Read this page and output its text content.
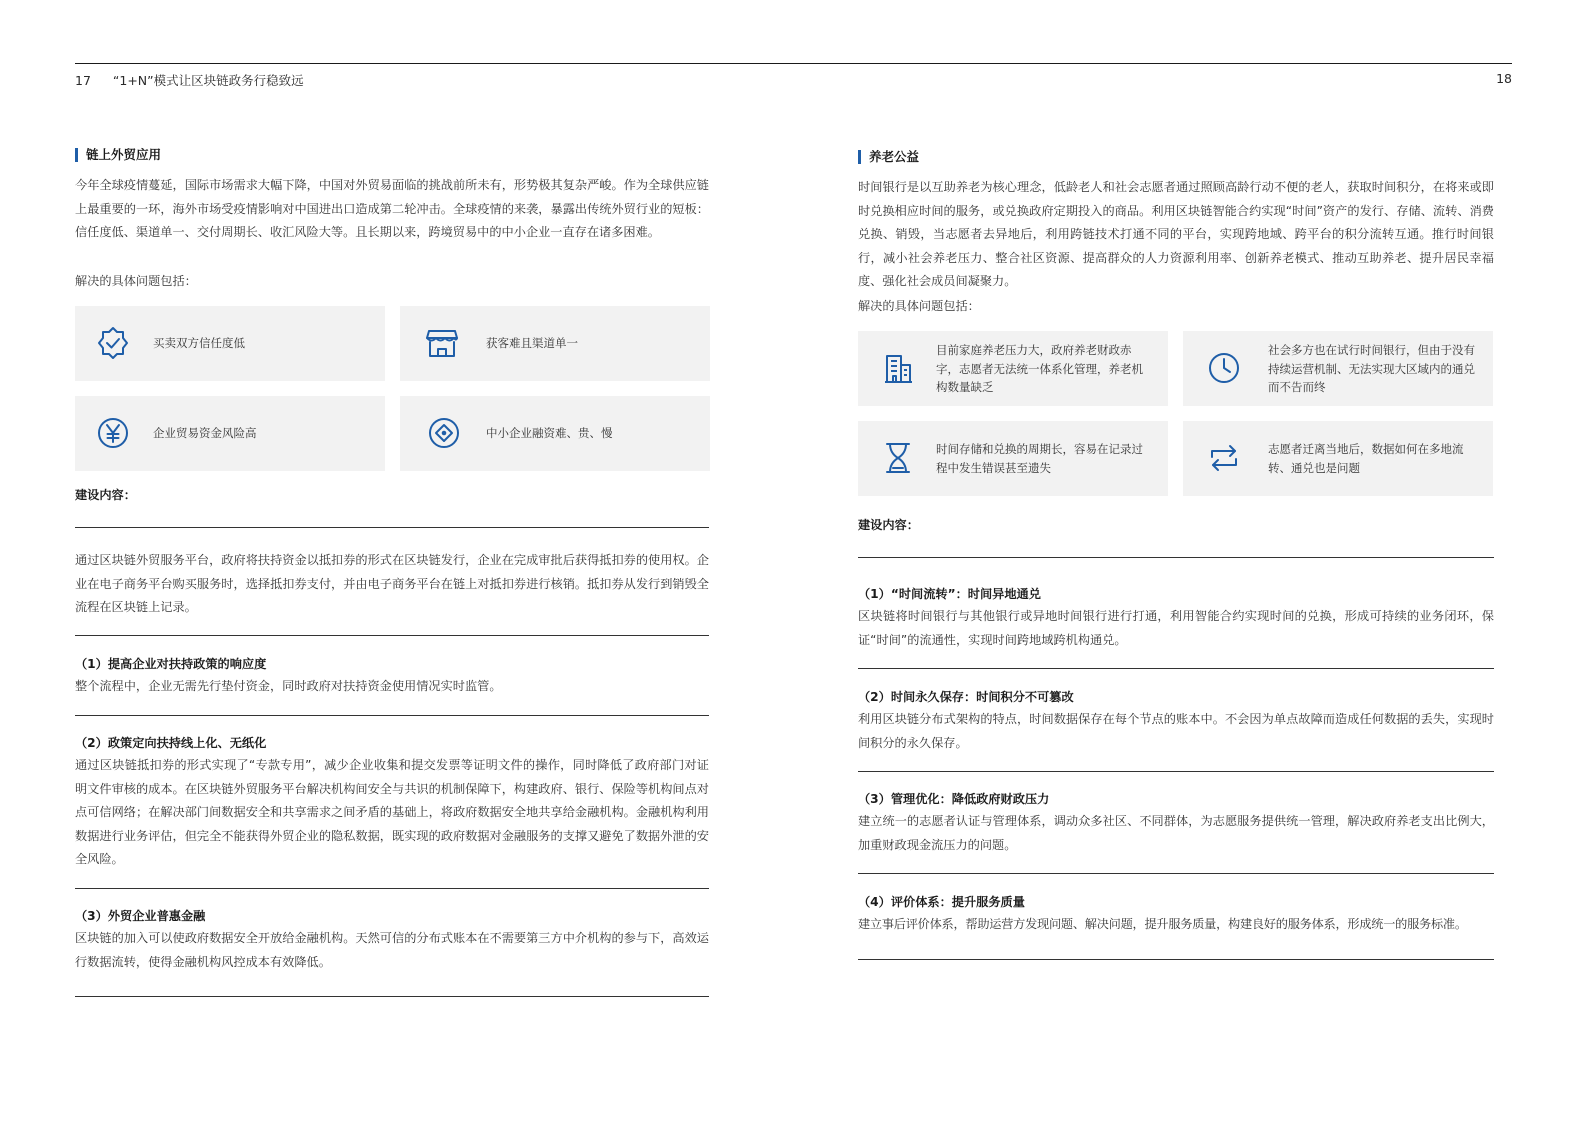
17 “1+N”模式让区块链政务行稳致远	18
链上外贸应用

今年全球疫情蔓延，国际市场需求大幅下降，中国对外贸易面临的挑战前所未有，形势极其复杂严峻。作为全球供应链上最重要的一环，海外市场受疫情影响对中国进出口造成第二轮冲击。全球疫情的来袭，暴露出传统外贸行业的短板：信任度低、渠道单一、交付周期长、收汇风险大等。且长期以来，跨境贸易中的中小企业一直存在诸多困难。

解决的具体问题包括：
买卖双方信任度低	获客难且渠道单一
企业贸易资金风险高	中小企业融资难、贵、慢
建设内容：

通过区块链外贸服务平台，政府将扶持资金以抵扣券的形式在区块链发行，企业在完成审批后获得抵扣券的使用权。企业在电子商务平台购买服务时，选择抵扣券支付，并由电子商务平台在链上对抵扣券进行核销。抵扣券从发行到销毁全流程在区块链上记录。

（1）提高企业对扶持政策的响应度

整个流程中，企业无需先行垫付资金，同时政府对扶持资金使用情况实时监管。

（2）政策定向扶持线上化、无纸化

通过区块链抵扣券的形式实现了“专款专用”，减少企业收集和提交发票等证明文件的操作，同时降低了政府部门对证明文件审核的成本。在区块链外贸服务平台解决机构间安全与共识的机制保障下，构建政府、银行、保险等机构间点对点可信网络；在解决部门间数据安全和共享需求之间矛盾的基础上，将政府数据安全地共享给金融机构。金融机构利用数据进行业务评估，但完全不能获得外贸企业的隐私数据，既实现的政府数据对金融服务的支撑又避免了数据外泄的安全风险。

（3）外贸企业普惠金融

区块链的加入可以使政府数据安全开放给金融机构。天然可信的分布式账本在不需要第三方中介机构的参与下，高效运行数据流转，使得金融机构风控成本有效降低。

养老公益

时间银行是以互助养老为核心理念，低龄老人和社会志愿者通过照顾高龄行动不便的老人，获取时间积分，在将来或即时兑换相应时间的服务，或兑换政府定期投入的商品。利用区块链智能合约实现“时间”资产的发行、存储、流转、消费兑换、销毁，当志愿者去异地后，利用跨链技术打通不同的平台，实现跨地域、跨平台的积分流转互通。推行时间银行，减小社会养老压力、整合社区资源、提高群众的人力资源利用率、创新养老模式、推动互助养老、提升居民幸福度、强化社会成员间凝聚力。

解决的具体问题包括：
目前家庭养老压力大，政府养老财政赤字，志愿者无法统一体系化管理，养老机构数量缺乏
社会多方也在试行时间银行，但由于没有持续运营机制、无法实现大区域内的通兑而不告而终
时间存储和兑换的周期长，容易在记录过程中发生错误甚至遗失
志愿者迁离当地后，数据如何在多地流转、通兑也是问题
建设内容：
（1）“时间流转”：时间异地通兑

区块链将时间银行与其他银行或异地时间银行进行打通，利用智能合约实现时间的兑换，形成可持续的业务闭环，保证“时间”的流通性，实现时间跨地域跨机构通兑。

（2）时间永久保存：时间积分不可篡改

利用区块链分布式架构的特点，时间数据保存在每个节点的账本中。不会因为单点故障而造成任何数据的丢失，实现时间积分的永久保存。

（3）管理优化：降低政府财政压力

建立统一的志愿者认证与管理体系，调动众多社区、不同群体，为志愿服务提供统一管理，解决政府养老支出比例大，加重财政现金流压力的问题。

（4）评价体系：提升服务质量

建立事后评价体系，帮助运营方发现问题、解决问题，提升服务质量，构建良好的服务体系，形成统一的服务标准。
